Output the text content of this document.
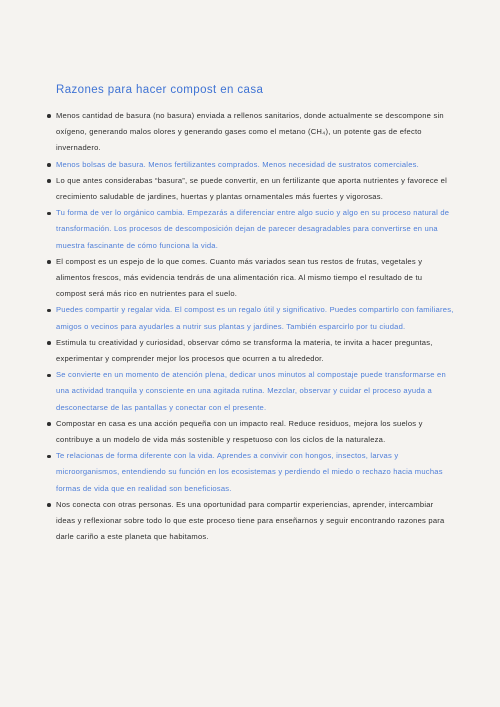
Razones para hacer compost en casa
Menos cantidad de basura (no basura) enviada a rellenos sanitarios, donde actualmente se descompone sin oxígeno, generando malos olores y generando gases como el metano (CH₄), un potente gas de efecto invernadero.
Menos bolsas de basura. Menos fertilizantes comprados. Menos necesidad de sustratos comerciales.
Lo que antes considerabas “basura”, se puede convertir, en un fertilizante que aporta nutrientes y favorece el crecimiento saludable de jardines, huertas y plantas ornamentales más fuertes y vigorosas.
Tu forma de ver lo orgánico cambia. Empezarás a diferenciar entre algo sucio y algo en su proceso natural de transformación. Los procesos de descomposición dejan de parecer desagradables para convertirse en una muestra fascinante de cómo funciona la vida.
El compost es un espejo de lo que comes. Cuanto más variados sean tus restos de frutas, vegetales y alimentos frescos, más evidencia tendrás de una alimentación rica. Al mismo tiempo el resultado de tu compost será más rico en nutrientes para el suelo.
Puedes compartir y regalar vida. El compost es un regalo útil y significativo. Puedes compartirlo con familiares, amigos o vecinos para ayudarles a nutrir sus plantas y jardines. También esparcirlo por tu ciudad.
Estimula tu creatividad y curiosidad, observar cómo se transforma la materia, te invita a hacer preguntas, experimentar y comprender mejor los procesos que ocurren a tu alrededor.
Se convierte en un momento de atención plena, dedicar unos minutos al compostaje puede transformarse en una actividad tranquila y consciente en una agitada rutina. Mezclar, observar y cuidar el proceso ayuda a desconectarse de las pantallas y conectar con el presente.
Compostar en casa es una acción pequeña con un impacto real. Reduce residuos, mejora los suelos y contribuye a un modelo de vida más sostenible y respetuoso con los ciclos de la naturaleza.
Te relacionas de forma diferente con la vida. Aprendes a convivir con hongos, insectos, larvas y microorganismos, entendiendo su función en los ecosistemas y perdiendo el miedo o rechazo hacia muchas formas de vida que en realidad son beneficiosas.
Nos conecta con otras personas. Es una oportunidad para compartir experiencias, aprender, intercambiar ideas y reflexionar sobre todo lo que este proceso tiene para enseñarnos y seguir encontrando razones para darle cariño a este planeta que habitamos.
